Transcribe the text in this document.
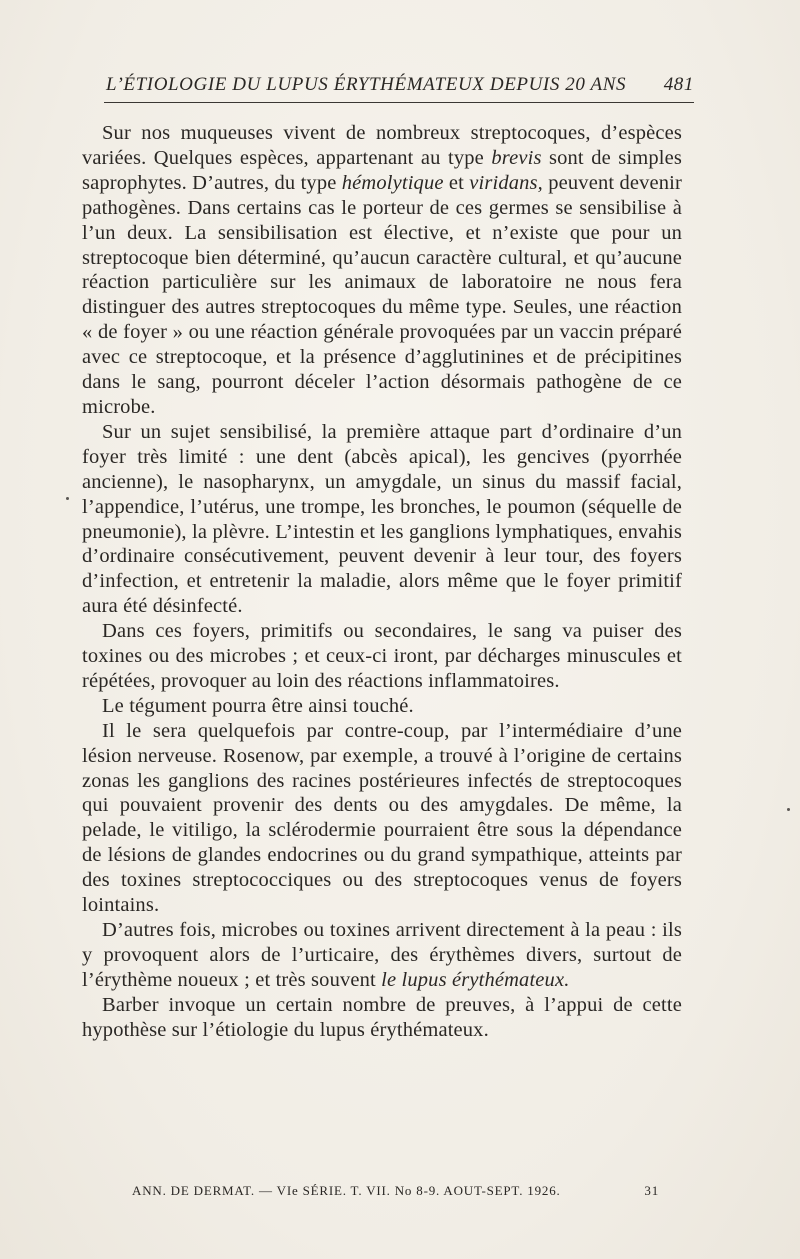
L’ÉTIOLOGIE DU LUPUS ÉRYTHÉMATEUX DEPUIS 20 ANS 481

Sur nos muqueuses vivent de nombreux streptocoques, d’espèces variées. Quelques espèces, appartenant au type brevis sont de simples saprophytes. D’autres, du type hémolytique et viridans, peuvent devenir pathogènes. Dans certains cas le porteur de ces germes se sensibilise à l’un deux. La sensibilisation est élective, et n’existe que pour un streptocoque bien déterminé, qu’aucun caractère cultural, et qu’aucune réaction particulière sur les animaux de laboratoire ne nous fera distinguer des autres streptocoques du même type. Seules, une réaction « de foyer » ou une réaction générale provoquées par un vaccin préparé avec ce streptocoque, et la présence d’agglutinines et de précipitines dans le sang, pourront déceler l’action désormais pathogène de ce microbe.

Sur un sujet sensibilisé, la première attaque part d’ordinaire d’un foyer très limité : une dent (abcès apical), les gencives (pyorrhée ancienne), le nasopharynx, un amygdale, un sinus du massif facial, l’appendice, l’utérus, une trompe, les bronches, le poumon (séquelle de pneumonie), la plèvre. L’intestin et les ganglions lymphatiques, envahis d’ordinaire consécutivement, peuvent devenir à leur tour, des foyers d’infection, et entretenir la maladie, alors même que le foyer primitif aura été désinfecté.

Dans ces foyers, primitifs ou secondaires, le sang va puiser des toxines ou des microbes ; et ceux-ci iront, par décharges minuscules et répétées, provoquer au loin des réactions inflammatoires.

Le tégument pourra être ainsi touché.

Il le sera quelquefois par contre-coup, par l’intermédiaire d’une lésion nerveuse. Rosenow, par exemple, a trouvé à l’origine de certains zonas les ganglions des racines postérieures infectés de streptocoques qui pouvaient provenir des dents ou des amygdales. De même, la pelade, le vitiligo, la sclérodermie pourraient être sous la dépendance de lésions de glandes endocrines ou du grand sympathique, atteints par des toxines streptococciques ou des streptocoques venus de foyers lointains.

D’autres fois, microbes ou toxines arrivent directement à la peau : ils y provoquent alors de l’urticaire, des érythèmes divers, surtout de l’érythème noueux ; et très souvent le lupus érythémateux.

Barber invoque un certain nombre de preuves, à l’appui de cette hypothèse sur l’étiologie du lupus érythémateux.

ANN. DE DERMAT. — VIe SÉRIE. T. VII. No 8-9. AOUT-SEPT. 1926.	31
